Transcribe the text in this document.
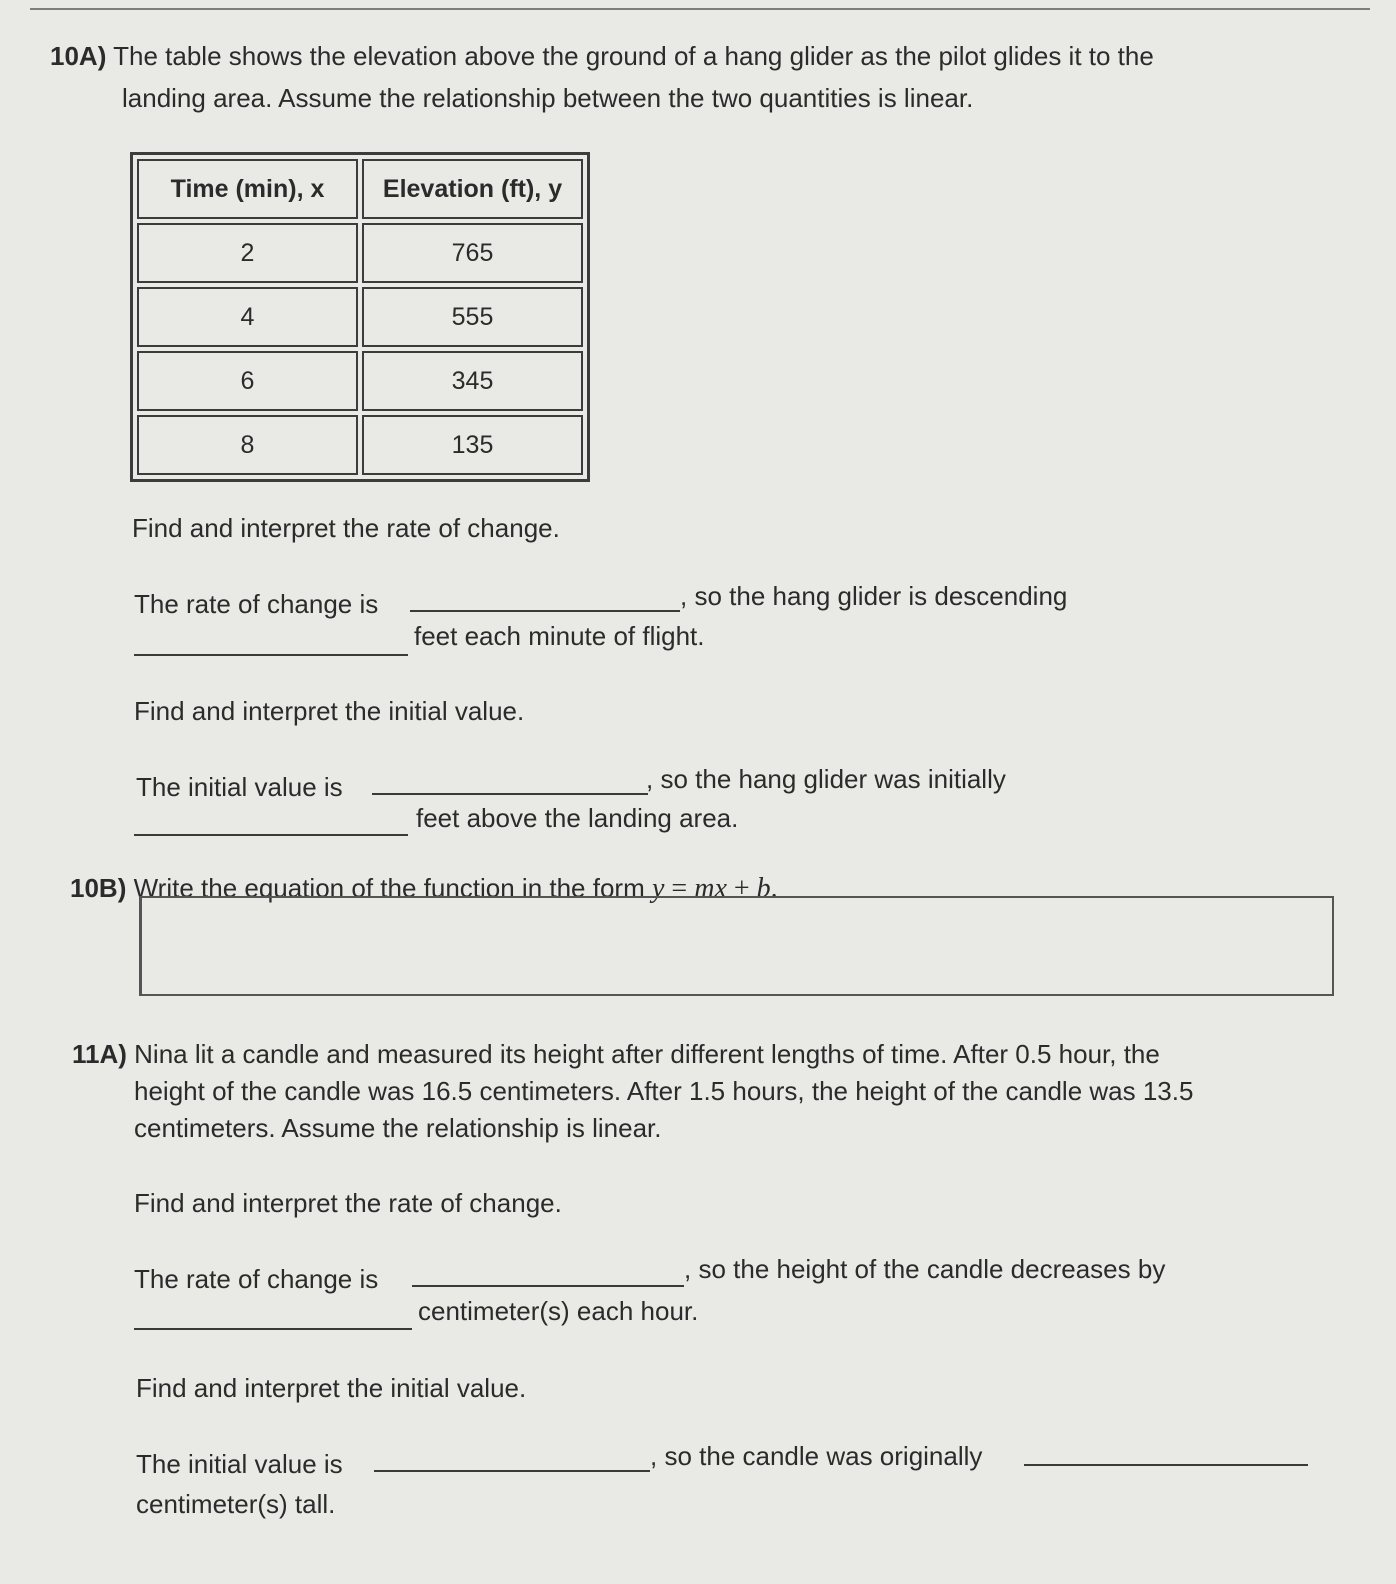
10A) The table shows the elevation above the ground of a hang glider as the pilot glides it to the
landing area. Assume the relationship between the two quantities is linear.
Time (min), x	Elevation (ft), y
2	765
4	555
6	345
8	135
Find and interpret the rate of change.
The rate of change is	, so the hang glider is descending
feet each minute of flight.
Find and interpret the initial value.
The initial value is	, so the hang glider was initially
feet above the landing area.
10B) Write the equation of the function in the form y = mx + b.
11A) Nina lit a candle and measured its height after different lengths of time. After 0.5 hour, the
height of the candle was 16.5 centimeters. After 1.5 hours, the height of the candle was 13.5
centimeters. Assume the relationship is linear.
Find and interpret the rate of change.
The rate of change is	, so the height of the candle decreases by
centimeter(s) each hour.
Find and interpret the initial value.
The initial value is	, so the candle was originally
centimeter(s) tall.
